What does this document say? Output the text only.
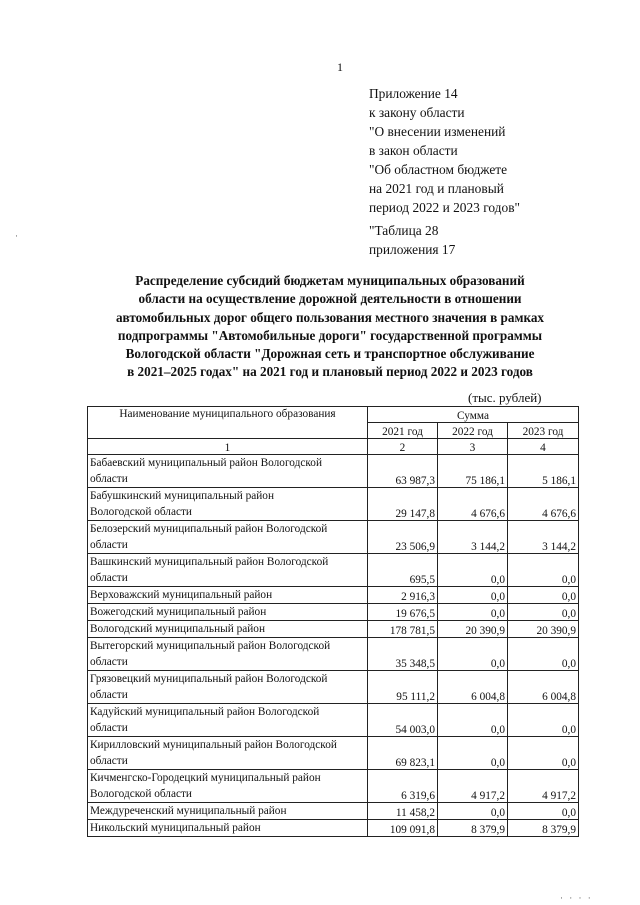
1
·
Приложение 14
к закону области
"О внесении изменений
в закон области
"Об областном бюджете
на 2021 год и плановый
период 2022 и 2023 годов"
"Таблица 28
приложения 17
Распределение субсидий бюджетам муниципальных образований
области на осуществление дорожной деятельности в отношении
автомобильных дорог общего пользования местного значения в рамках
подпрограммы "Автомобильные дороги" государственной программы
Вологодской области "Дорожная сеть и транспортное обслуживание
в 2021–2025 годах" на 2021 год и плановый период 2022 и 2023 годов
(тыс. рублей)
Наименование муниципального образования	Сумма		
	2021 год	2022 год	2023 год
1	2	3	4

Бабаевский муниципальный район Вологодской
области	63 987,3	75 186,1	5 186,1

Бабушкинский муниципальный район
Вологодской области	29 147,8	4 676,6	4 676,6

Белозерский муниципальный район Вологодской
области	23 506,9	3 144,2	3 144,2

Вашкинский муниципальный район Вологодской
области	695,5	0,0	0,0

Верховажский муниципальный район	2 916,3	0,0	0,0

Вожегодский муниципальный район	19 676,5	0,0	0,0

Вологодский муниципальный район	178 781,5	20 390,9	20 390,9

Вытегорский муниципальный район Вологодской
области	35 348,5	0,0	0,0

Грязовецкий муниципальный район Вологодской
области	95 111,2	6 004,8	6 004,8

Кадуйский муниципальный район Вологодской
области	54 003,0	0,0	0,0

Кирилловский муниципальный район Вологодской
области	69 823,1	0,0	0,0

Кичменгско-Городецкий муниципальный район
Вологодской области	6 319,6	4 917,2	4 917,2

Междуреченский муниципальный район	11 458,2	0,0	0,0

Никольский муниципальный район	109 091,8	8 379,9	8 379,9
· · · ·
